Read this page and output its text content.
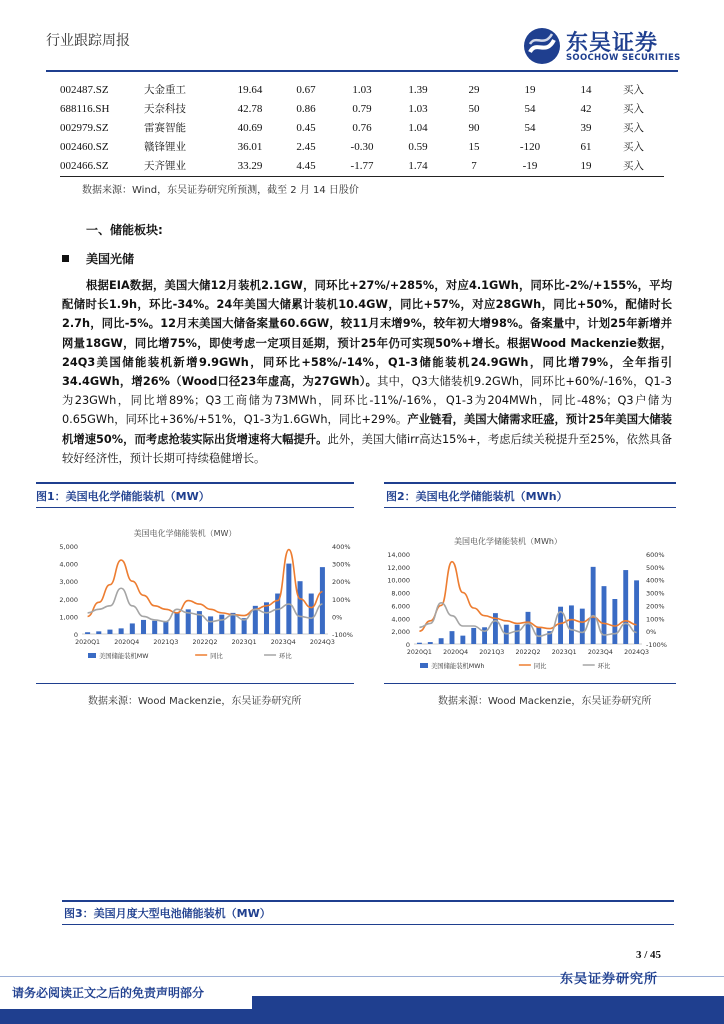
行业跟踪周报	东吴证券
SOOCHOW SECURITIES
002487.SZ	大金重工	19.64	0.67	1.03	1.39	29	19	14	买入
688116.SH	天奈科技	42.78	0.86	0.79	1.03	50	54	42	买入
002979.SZ	雷赛智能	40.69	0.45	0.76	1.04	90	54	39	买入
002460.SZ	赣锋锂业	36.01	2.45	-0.30	0.59	15	-120	61	买入
002466.SZ	天齐锂业	33.29	4.45	-1.77	1.74	7	-19	19	买入
数据来源：Wind，东吴证券研究所预测，截至 2 月 14 日股价
一、储能板块:
美国光储
根据EIA数据，美国大储12月装机2.1GW，同环比+27%/+285%，对应4.1GWh，同环比-2%/+155%，平均配储时长1.9h，环比-34%。24年美国大储累计装机10.4GW，同比+57%，对应28GWh，同比+50%，配储时长2.7h，同比-5%。12月末美国大储备案量60.6GW，较11月末增9%，较年初大增98%。备案量中，计划25年新增并网量18GW，同比增75%，即使考虑一定项目延期，预计25年仍可实现50%+增长。根据Wood Mackenzie数据，24Q3美国储能装机新增9.9GWh，同环比+58%/-14%，Q1-3储能装机24.9GWh，同比增79%，全年指引34.4GWh，增26%（Wood口径23年虚高，为27GWh）。其中，Q3大储装机9.2GWh，同环比+60%/-16%，Q1-3为23GWh，同比增89%；Q3工商储为73MWh，同环比-11%/-16%，Q1-3为204MWh，同比-48%；Q3户储为0.65GWh，同环比+36%/+51%，Q1-3为1.6GWh，同比+29%。产业链看，美国大储需求旺盛，预计25年美国大储装机增速50%，而考虑抢装实际出货增速将大幅提升。此外，美国大储irr高达15%+，考虑后续关税提升至25%，依然具备较好经济性，预计长期可持续稳健增长。
图1：美国电化学储能装机（MW）
美国电化学储能装机（MW）
5,000
4,000
3,000
2,000
1,000
0
400%
300%
200%
100%
0%
-100%
2020Q1 2020Q4 2021Q3 2022Q2 2023Q1 2023Q4 2024Q3
美国储能装机MW	同比	环比
数据来源：Wood Mackenzie，东吴证券研究所
图2：美国电化学储能装机（MWh）
美国电化学储能装机（MWh）
14,000
12,000
10,000
8,000
6,000
4,000
2,000
0
600%
500%
400%
300%
200%
100%
0%
-100%
2020Q1 2020Q4 2021Q3 2022Q2 2023Q1 2023Q4 2024Q3
美国储能装机MWh	同比	环比
数据来源：Wood Mackenzie，东吴证券研究所
图3：美国月度大型电池储能装机（MW）
3 / 45
请务必阅读正文之后的免责声明部分
东吴证券研究所
